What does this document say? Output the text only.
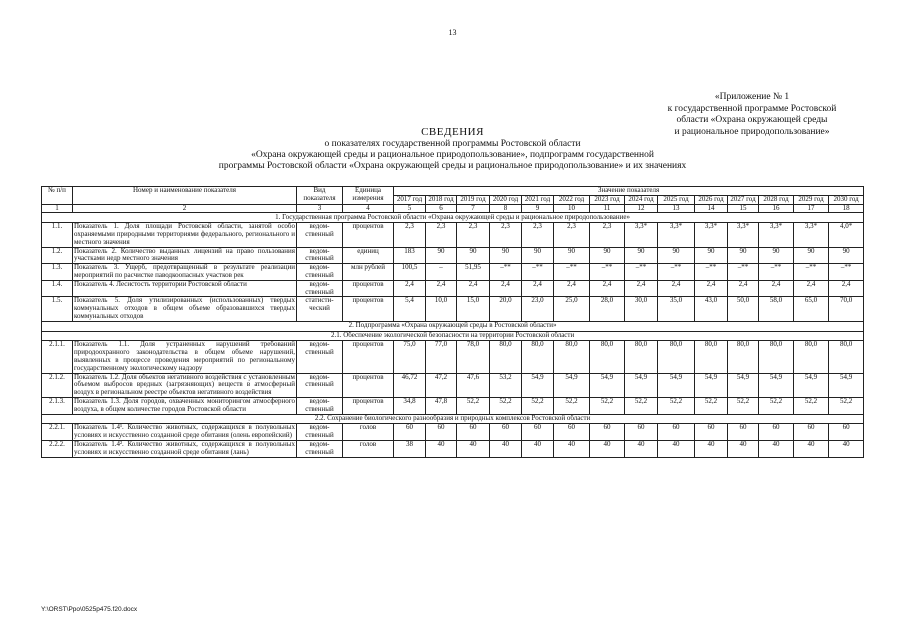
13
«Приложение № 1
к государственной программе Ростовской
области «Охрана окружающей среды
и рациональное природопользование»
СВЕДЕНИЯ
о показателях государственной программы Ростовской области
«Охрана окружающей среды и рациональное природопользование», подпрограмм государственной
программы Ростовской области «Охрана окружающей среды и рациональное природопользование» и их значениях
№ п/п	Номер и наименование показателя	Вид показателя	Единица измерения	Значение показателя													
				2017 год	2018 год	2019 год	2020 год	2021 год	2022 год	2023 год	2024 год	2025 год	2026 год	2027 год	2028 год	2029 год	2030 год
1	2	3	4	5	6	7	8	9	10	11	12	13	14	15	16	17	18
1. Государственная программа Ростовской области «Охрана окружающей среды и рациональное природопользование»																	
1.1.	Показатель 1. Доля площади Ростовской области, занятой особо охраняемыми природными территориями федерального, регионального и местного значения	ведом-ственный	процентов	2,3	2,3	2,3	2,3	2,3	2,3	2,3	3,3*	3,3*	3,3*	3,3*	3,3*	3,3*	4,0*
1.2.	Показатель 2. Количество выданных лицензий на право пользования участками недр местного значения	ведом-ственный	единиц	183	90	90	90	90	90	90	90	90	90	90	90	90	90
1.3.	Показатель 3. Ущерб, предотвращенный в результате реализации мероприятий по расчистке паводкоопасных участков рек	ведом-ственный	млн рублей	100,5	–	51,95	–**	–**	–**	–**	–**	–**	–**	–**	–**	–**	–**
1.4.	Показатель 4. Лесистость территории Ростовской области	ведом-ственный	процентов	2,4	2,4	2,4	2,4	2,4	2,4	2,4	2,4	2,4	2,4	2,4	2,4	2,4	2,4
1.5.	Показатель 5. Доля утилизированных (использованных) твердых коммунальных отходов в общем объеме образовавшихся твердых коммунальных отходов	статисти-ческий	процентов	5,4	10,0	15,0	20,0	23,0	25,0	28,0	30,0	35,0	43,0	50,0	58,0	65,0	70,0
2. Подпрограмма «Охрана окружающей среды в Ростовской области»																	
2.1. Обеспечение экологической безопасности на территории Ростовской области																	
2.1.1.	Показатель 1.1. Доля устраненных нарушений требований природоохранного законодательства в общем объеме нарушений, выявленных в процессе проведения мероприятий по региональному государственному экологическому надзору	ведом-ственный	процентов	75,0	77,0	78,0	80,0	80,0	80,0	80,0	80,0	80,0	80,0	80,0	80,0	80,0	80,0
2.1.2.	Показатель 1.2. Доля объектов негативного воздействия с установленным объемом выбросов вредных (загрязняющих) веществ в атмосферный воздух в региональном реестре объектов негативного воздействия	ведом-ственный	процентов	46,72	47,2	47,6	53,2	54,9	54,9	54,9	54,9	54,9	54,9	54,9	54,9	54,9	54,9
2.1.3.	Показатель 1.3. Доля городов, охваченных мониторингом атмосферного воздуха, в общем количестве городов Ростовской области	ведом-ственный	процентов	34,8	47,8	52,2	52,2	52,2	52,2	52,2	52,2	52,2	52,2	52,2	52,2	52,2	52,2
2.2. Сохранение биологического разнообразия и природных комплексов Ростовской области																	
2.2.1.	Показатель 1.4¹. Количество животных, содержащихся в полувольных условиях и искусственно созданной среде обитания (олень европейский)	ведом-ственный	голов	60	60	60	60	60	60	60	60	60	60	60	60	60	60
2.2.2.	Показатель 1.4². Количество животных, содержащихся в полувольных условиях и искусственно созданной среде обитания (лань)	ведом-ственный	голов	38	40	40	40	40	40	40	40	40	40	40	40	40	40
Y:\ORST\Ppo\0525p475.f20.docx
